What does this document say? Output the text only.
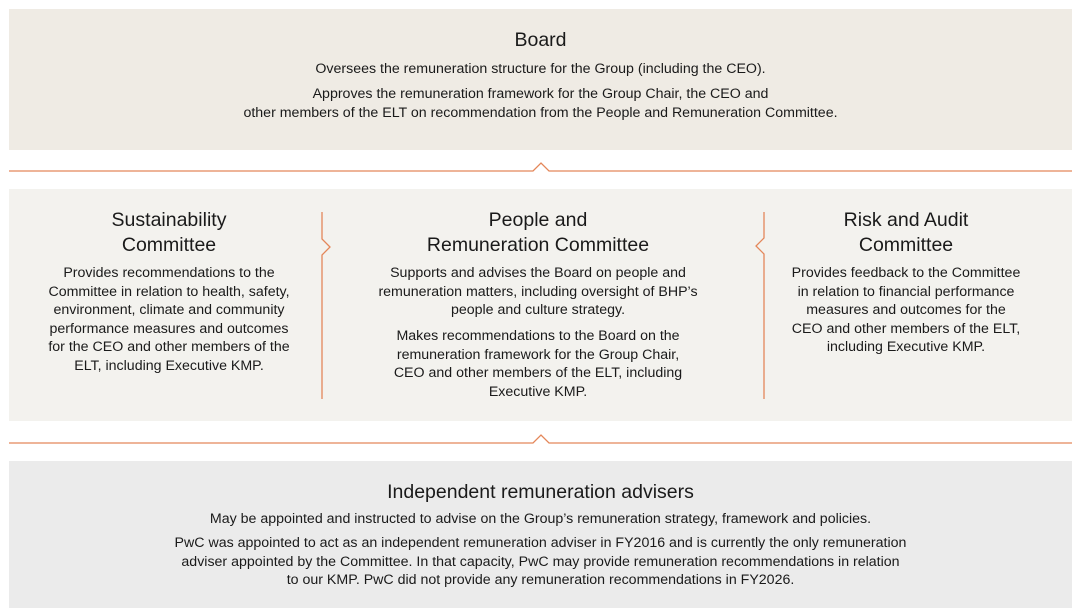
Board
Oversees the remuneration structure for the Group (including the CEO).
Approves the remuneration framework for the Group Chair, the CEO and
other members of the ELT on recommendation from the People and Remuneration Committee.
Sustainability
Committee
Provides recommendations to the
Committee in relation to health, safety,
environment, climate and community
performance measures and outcomes
for the CEO and other members of the
ELT, including Executive KMP.
People and
Remuneration Committee
Supports and advises the Board on people and
remuneration matters, including oversight of BHP’s
people and culture strategy.
Makes recommendations to the Board on the
remuneration framework for the Group Chair,
CEO and other members of the ELT, including
Executive KMP.
Risk and Audit
Committee
Provides feedback to the Committee
in relation to financial performance
measures and outcomes for the
CEO and other members of the ELT,
including Executive KMP.
Independent remuneration advisers
May be appointed and instructed to advise on the Group’s remuneration strategy, framework and policies.
PwC was appointed to act as an independent remuneration adviser in FY2016 and is currently the only remuneration
adviser appointed by the Committee. In that capacity, PwC may provide remuneration recommendations in relation
to our KMP. PwC did not provide any remuneration recommendations in FY2026.
